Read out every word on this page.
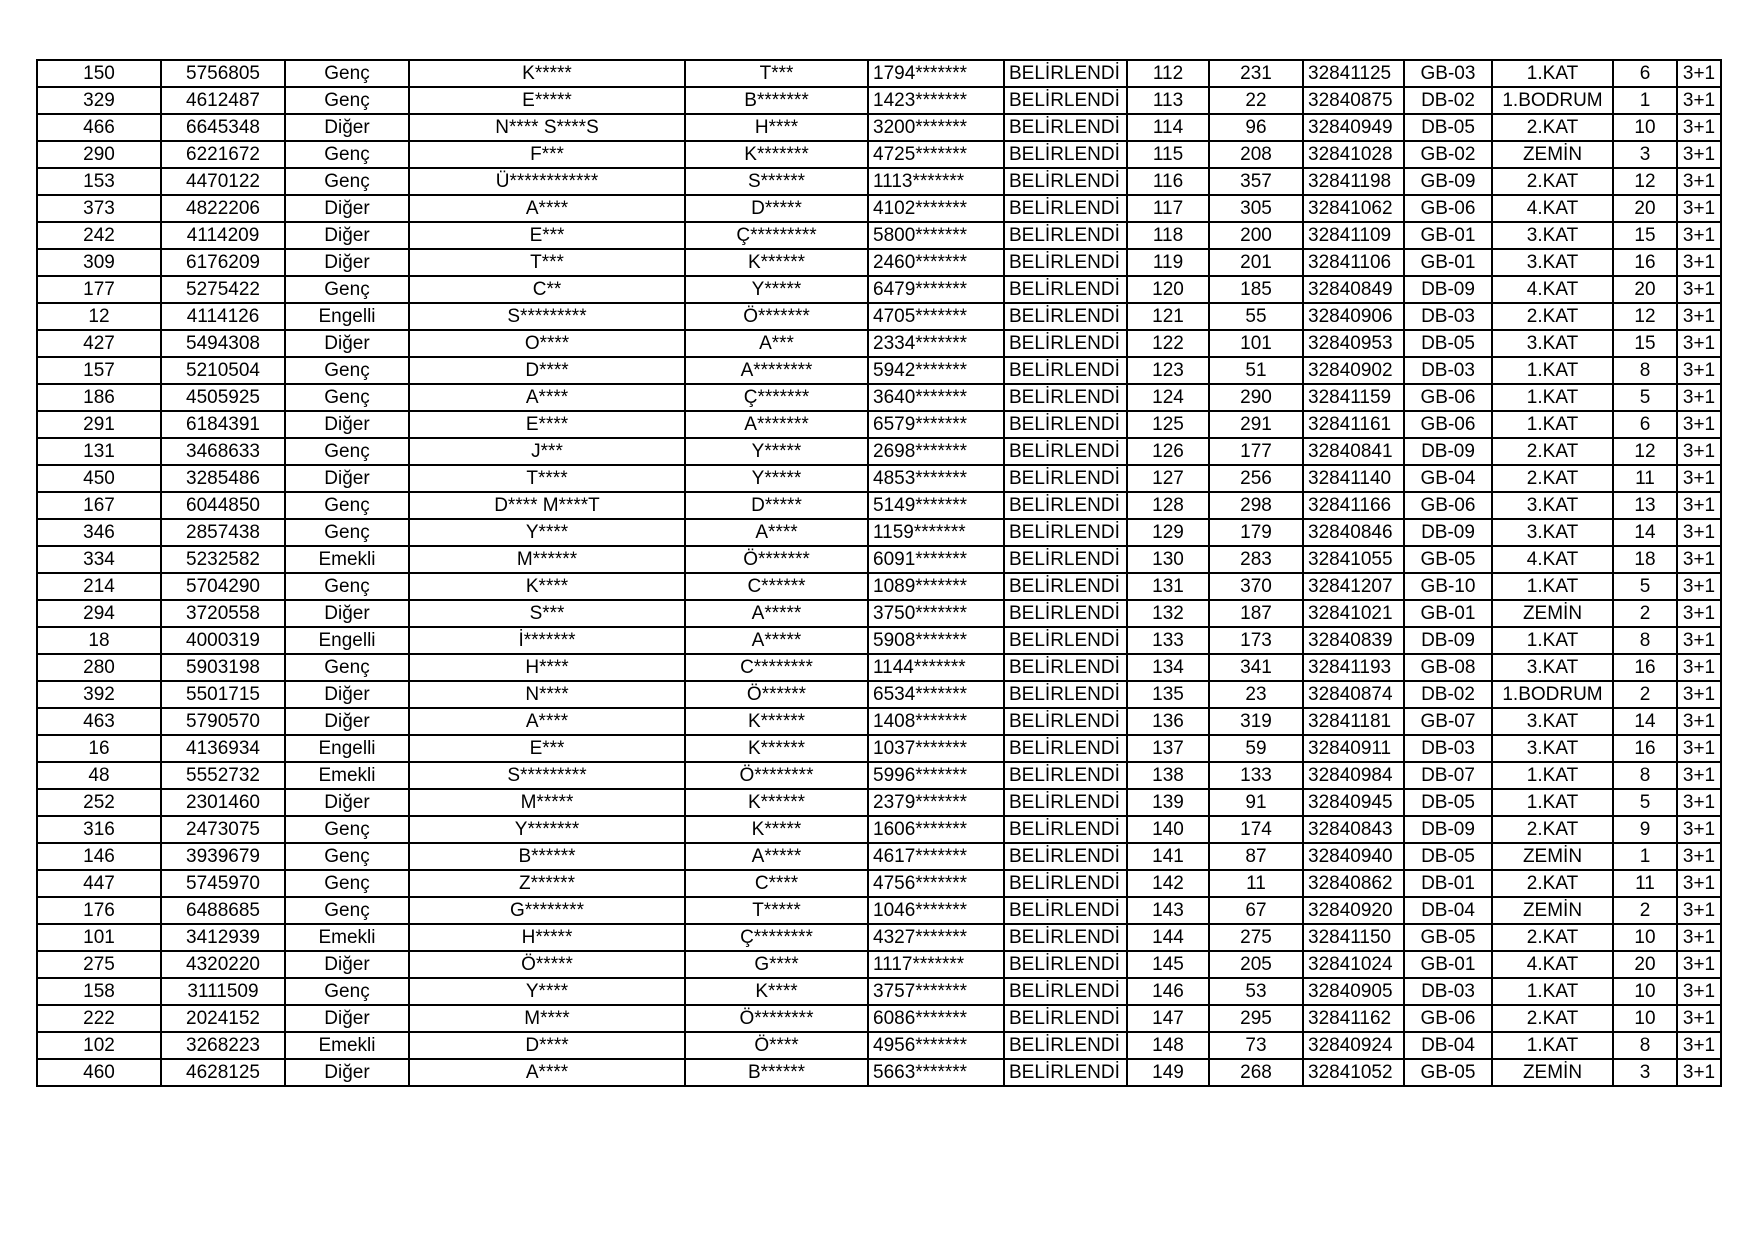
150	5756805	Genç	K*****	T***	1794*******	BELİRLENDİ	112	231	32841125	GB-03	1.KAT	6	3+1
329	4612487	Genç	E*****	B*******	1423*******	BELİRLENDİ	113	22	32840875	DB-02	1.BODRUM	1	3+1
466	6645348	Diğer	N**** S****S	H****	3200*******	BELİRLENDİ	114	96	32840949	DB-05	2.KAT	10	3+1
290	6221672	Genç	F***	K*******	4725*******	BELİRLENDİ	115	208	32841028	GB-02	ZEMİN	3	3+1
153	4470122	Genç	Ü************	S******	1113*******	BELİRLENDİ	116	357	32841198	GB-09	2.KAT	12	3+1
373	4822206	Diğer	A****	D*****	4102*******	BELİRLENDİ	117	305	32841062	GB-06	4.KAT	20	3+1
242	4114209	Diğer	E***	Ç*********	5800*******	BELİRLENDİ	118	200	32841109	GB-01	3.KAT	15	3+1
309	6176209	Diğer	T***	K******	2460*******	BELİRLENDİ	119	201	32841106	GB-01	3.KAT	16	3+1
177	5275422	Genç	C**	Y*****	6479*******	BELİRLENDİ	120	185	32840849	DB-09	4.KAT	20	3+1
12	4114126	Engelli	S*********	Ö*******	4705*******	BELİRLENDİ	121	55	32840906	DB-03	2.KAT	12	3+1
427	5494308	Diğer	O****	A***	2334*******	BELİRLENDİ	122	101	32840953	DB-05	3.KAT	15	3+1
157	5210504	Genç	D****	A********	5942*******	BELİRLENDİ	123	51	32840902	DB-03	1.KAT	8	3+1
186	4505925	Genç	A****	Ç*******	3640*******	BELİRLENDİ	124	290	32841159	GB-06	1.KAT	5	3+1
291	6184391	Diğer	E****	A*******	6579*******	BELİRLENDİ	125	291	32841161	GB-06	1.KAT	6	3+1
131	3468633	Genç	J***	Y*****	2698*******	BELİRLENDİ	126	177	32840841	DB-09	2.KAT	12	3+1
450	3285486	Diğer	T****	Y*****	4853*******	BELİRLENDİ	127	256	32841140	GB-04	2.KAT	11	3+1
167	6044850	Genç	D**** M****T	D*****	5149*******	BELİRLENDİ	128	298	32841166	GB-06	3.KAT	13	3+1
346	2857438	Genç	Y****	A****	1159*******	BELİRLENDİ	129	179	32840846	DB-09	3.KAT	14	3+1
334	5232582	Emekli	M******	Ö*******	6091*******	BELİRLENDİ	130	283	32841055	GB-05	4.KAT	18	3+1
214	5704290	Genç	K****	C******	1089*******	BELİRLENDİ	131	370	32841207	GB-10	1.KAT	5	3+1
294	3720558	Diğer	S***	A*****	3750*******	BELİRLENDİ	132	187	32841021	GB-01	ZEMİN	2	3+1
18	4000319	Engelli	İ*******	A*****	5908*******	BELİRLENDİ	133	173	32840839	DB-09	1.KAT	8	3+1
280	5903198	Genç	H****	C********	1144*******	BELİRLENDİ	134	341	32841193	GB-08	3.KAT	16	3+1
392	5501715	Diğer	N****	Ö******	6534*******	BELİRLENDİ	135	23	32840874	DB-02	1.BODRUM	2	3+1
463	5790570	Diğer	A****	K******	1408*******	BELİRLENDİ	136	319	32841181	GB-07	3.KAT	14	3+1
16	4136934	Engelli	E***	K******	1037*******	BELİRLENDİ	137	59	32840911	DB-03	3.KAT	16	3+1
48	5552732	Emekli	S*********	Ö********	5996*******	BELİRLENDİ	138	133	32840984	DB-07	1.KAT	8	3+1
252	2301460	Diğer	M*****	K******	2379*******	BELİRLENDİ	139	91	32840945	DB-05	1.KAT	5	3+1
316	2473075	Genç	Y*******	K*****	1606*******	BELİRLENDİ	140	174	32840843	DB-09	2.KAT	9	3+1
146	3939679	Genç	B******	A*****	4617*******	BELİRLENDİ	141	87	32840940	DB-05	ZEMİN	1	3+1
447	5745970	Genç	Z******	C****	4756*******	BELİRLENDİ	142	11	32840862	DB-01	2.KAT	11	3+1
176	6488685	Genç	G********	T*****	1046*******	BELİRLENDİ	143	67	32840920	DB-04	ZEMİN	2	3+1
101	3412939	Emekli	H*****	Ç********	4327*******	BELİRLENDİ	144	275	32841150	GB-05	2.KAT	10	3+1
275	4320220	Diğer	Ö*****	G****	1117*******	BELİRLENDİ	145	205	32841024	GB-01	4.KAT	20	3+1
158	3111509	Genç	Y****	K****	3757*******	BELİRLENDİ	146	53	32840905	DB-03	1.KAT	10	3+1
222	2024152	Diğer	M****	Ö********	6086*******	BELİRLENDİ	147	295	32841162	GB-06	2.KAT	10	3+1
102	3268223	Emekli	D****	Ö****	4956*******	BELİRLENDİ	148	73	32840924	DB-04	1.KAT	8	3+1
460	4628125	Diğer	A****	B******	5663*******	BELİRLENDİ	149	268	32841052	GB-05	ZEMİN	3	3+1
